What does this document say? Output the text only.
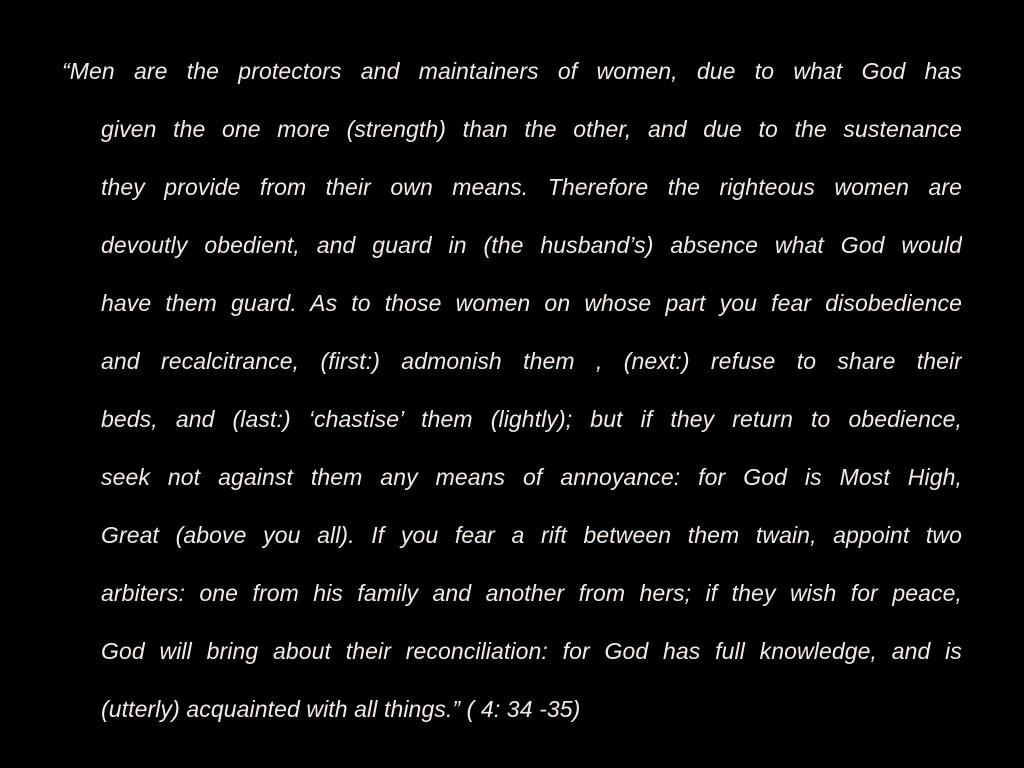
“Men are the protectors and maintainers of women, due to what God has
given the one more (strength) than the other, and due to the sustenance
they provide from their own means. Therefore the righteous women are
devoutly obedient, and guard in (the husband’s) absence what God would
have them guard. As to those women on whose part you fear disobedience
and recalcitrance, (first:) admonish them , (next:) refuse to share their
beds, and (last:) ‘chastise’ them (lightly); but if they return to obedience,
seek not against them any means of annoyance: for God is Most High,
Great (above you all). If you fear a rift between them twain, appoint two
arbiters: one from his family and another from hers; if they wish for peace,
God will bring about their reconciliation: for God has full knowledge, and is
(utterly) acquainted with all things.” ( 4: 34 -35)
